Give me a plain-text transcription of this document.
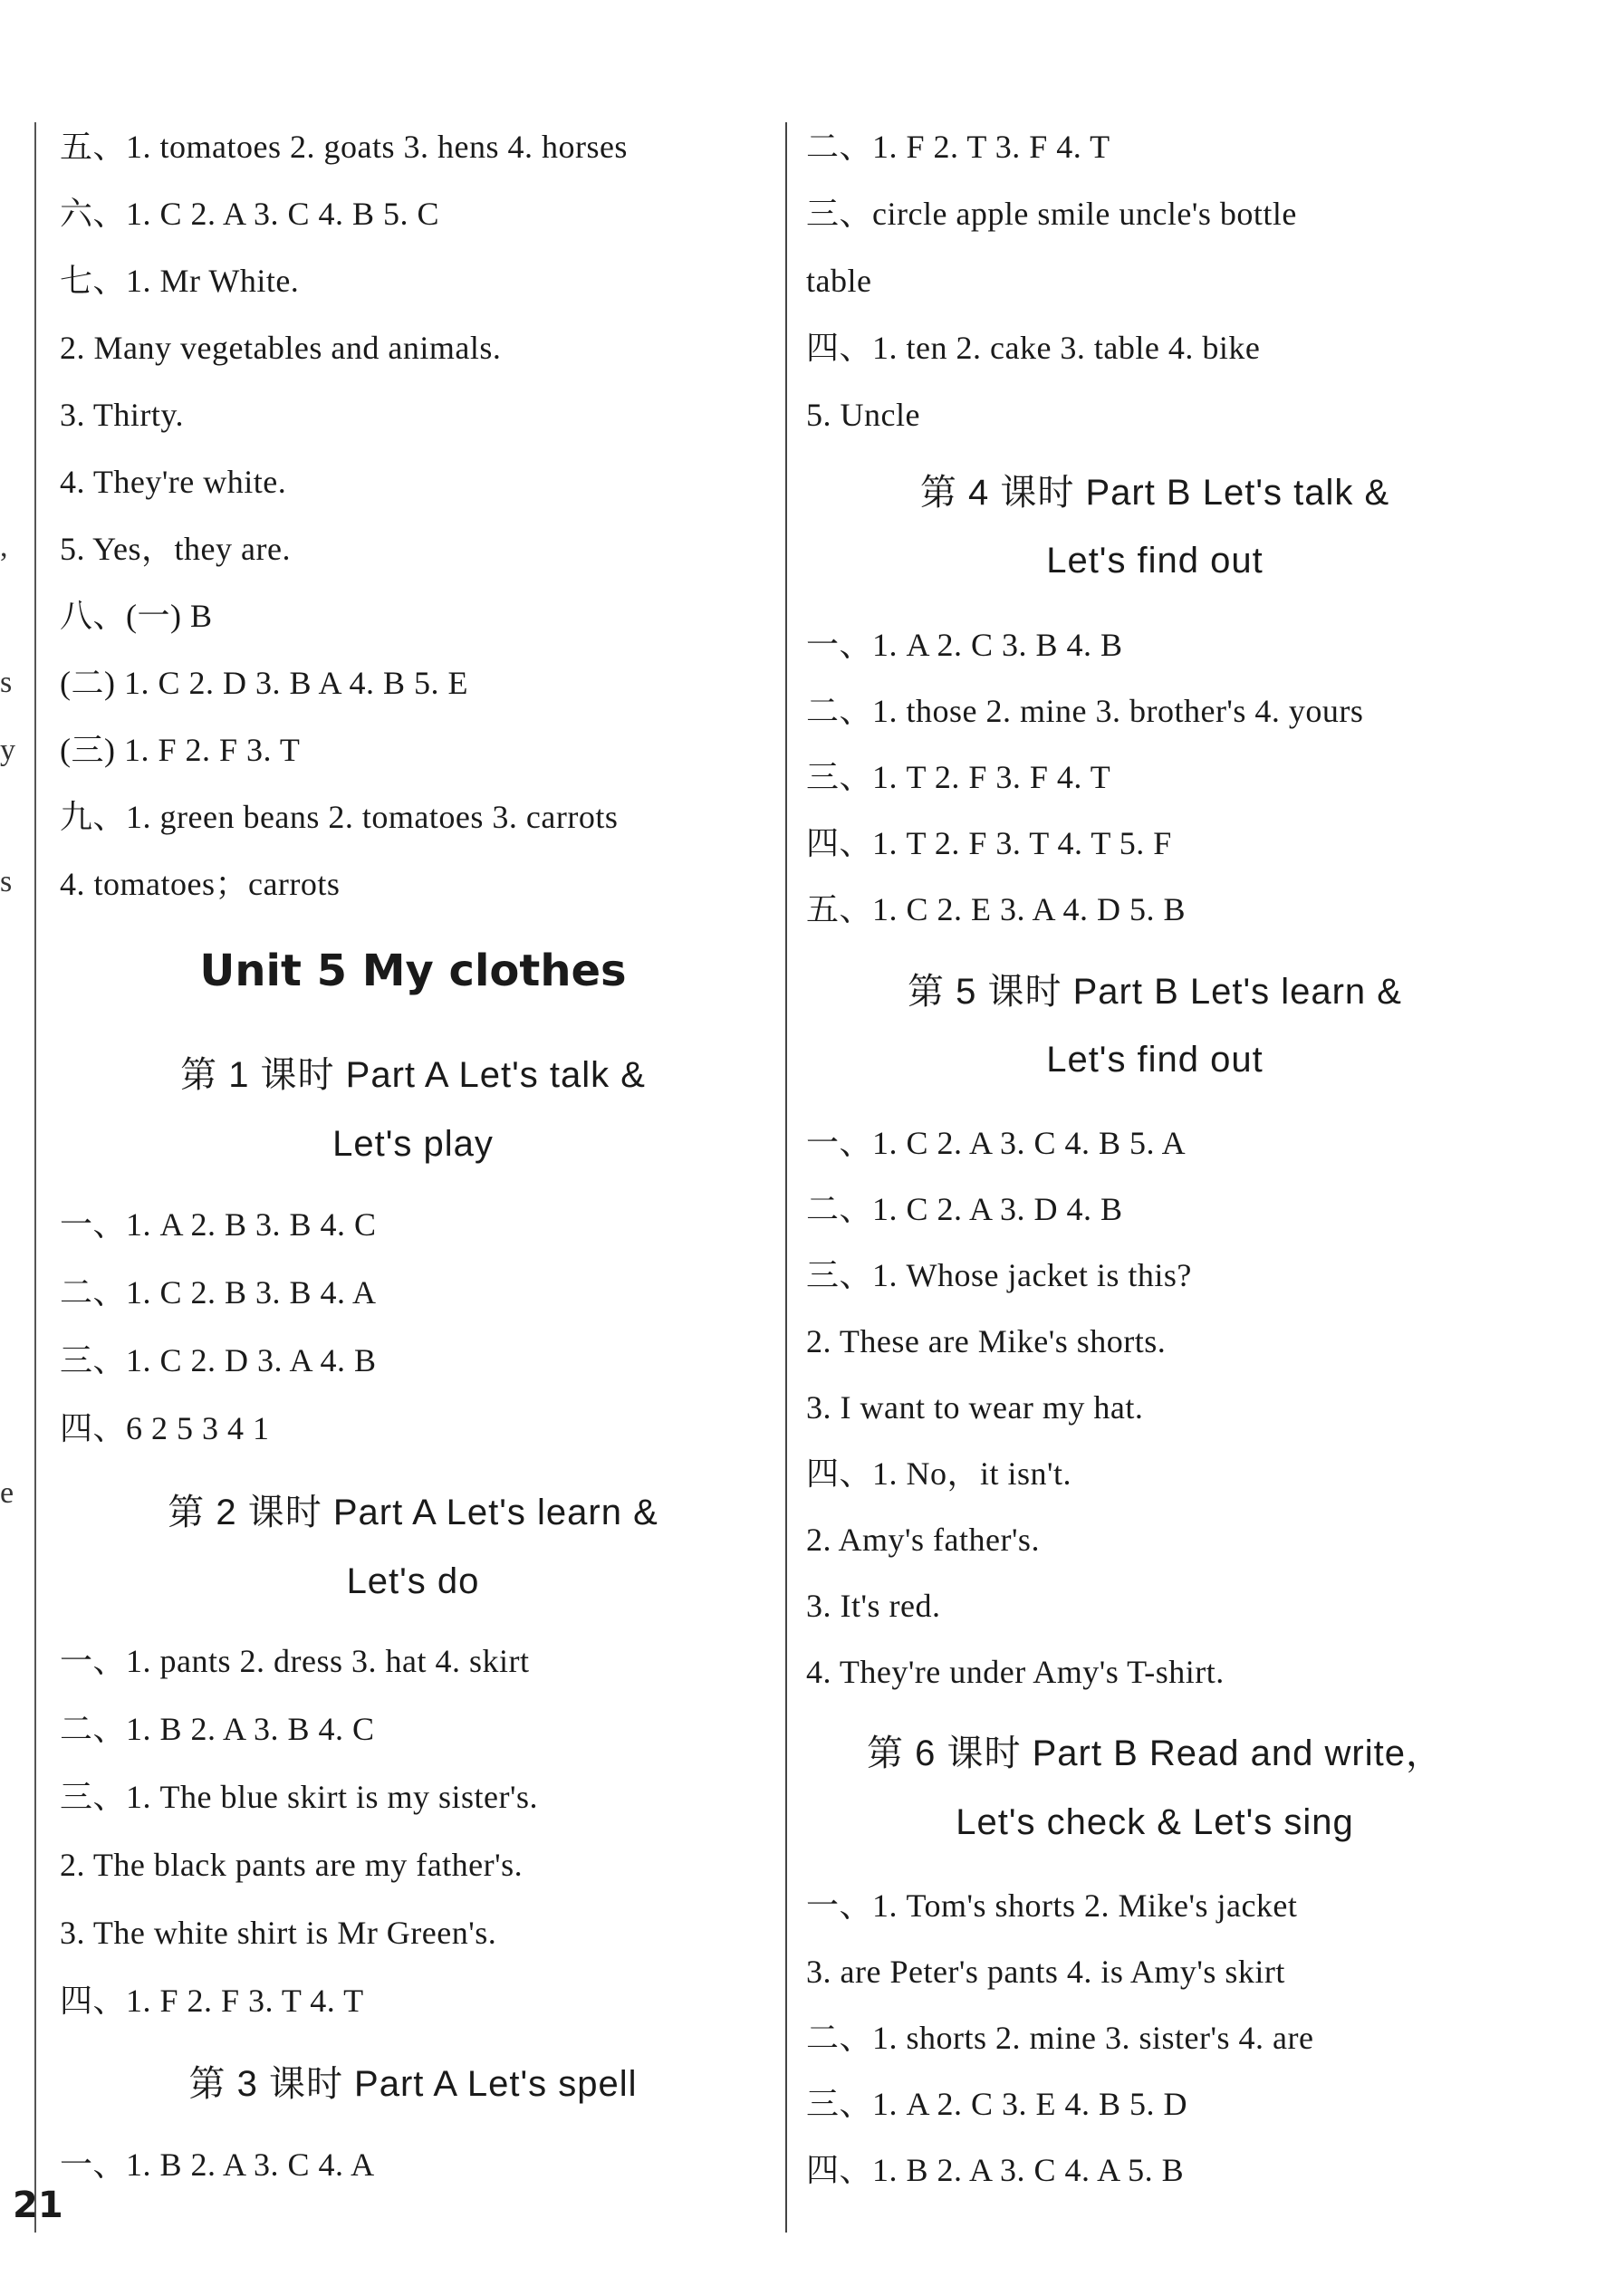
,
s
y
s
e
五、1. tomatoes 2. goats 3. hens 4. horses
六、1. C 2. A 3. C 4. B 5. C
七、1. Mr White.
2. Many vegetables and animals.
3. Thirty.
4. They're white.
5. Yes，they are.
八、(一) B
(二) 1. C 2. D 3. B A 4. B 5. E
(三) 1. F 2. F 3. T
九、1. green beans 2. tomatoes 3. carrots
4. tomatoes；carrots
Unit 5 My clothes
第 1 课时 Part A Let's talk &
Let's play
一、1. A 2. B 3. B 4. C
二、1. C 2. B 3. B 4. A
三、1. C 2. D 3. A 4. B
四、6 2 5 3 4 1
第 2 课时 Part A Let's learn &
Let's do
一、1. pants 2. dress 3. hat 4. skirt
二、1. B 2. A 3. B 4. C
三、1. The blue skirt is my sister's.
2. The black pants are my father's.
3. The white shirt is Mr Green's.
四、1. F 2. F 3. T 4. T
第 3 课时 Part A Let's spell
一、1. B 2. A 3. C 4. A
二、1. F 2. T 3. F 4. T
三、circle apple smile uncle's bottle
table
四、1. ten 2. cake 3. table 4. bike
5. Uncle
第 4 课时 Part B Let's talk &
Let's find out
一、1. A 2. C 3. B 4. B
二、1. those 2. mine 3. brother's 4. yours
三、1. T 2. F 3. F 4. T
四、1. T 2. F 3. T 4. T 5. F
五、1. C 2. E 3. A 4. D 5. B
第 5 课时 Part B Let's learn &
Let's find out
一、1. C 2. A 3. C 4. B 5. A
二、1. C 2. A 3. D 4. B
三、1. Whose jacket is this?
2. These are Mike's shorts.
3. I want to wear my hat.
四、1. No，it isn't.
2. Amy's father's.
3. It's red.
4. They're under Amy's T-shirt.
第 6 课时 Part B Read and write，
Let's check & Let's sing
一、1. Tom's shorts 2. Mike's jacket
3. are Peter's pants 4. is Amy's skirt
二、1. shorts 2. mine 3. sister's 4. are
三、1. A 2. C 3. E 4. B 5. D
四、1. B 2. A 3. C 4. A 5. B
21
